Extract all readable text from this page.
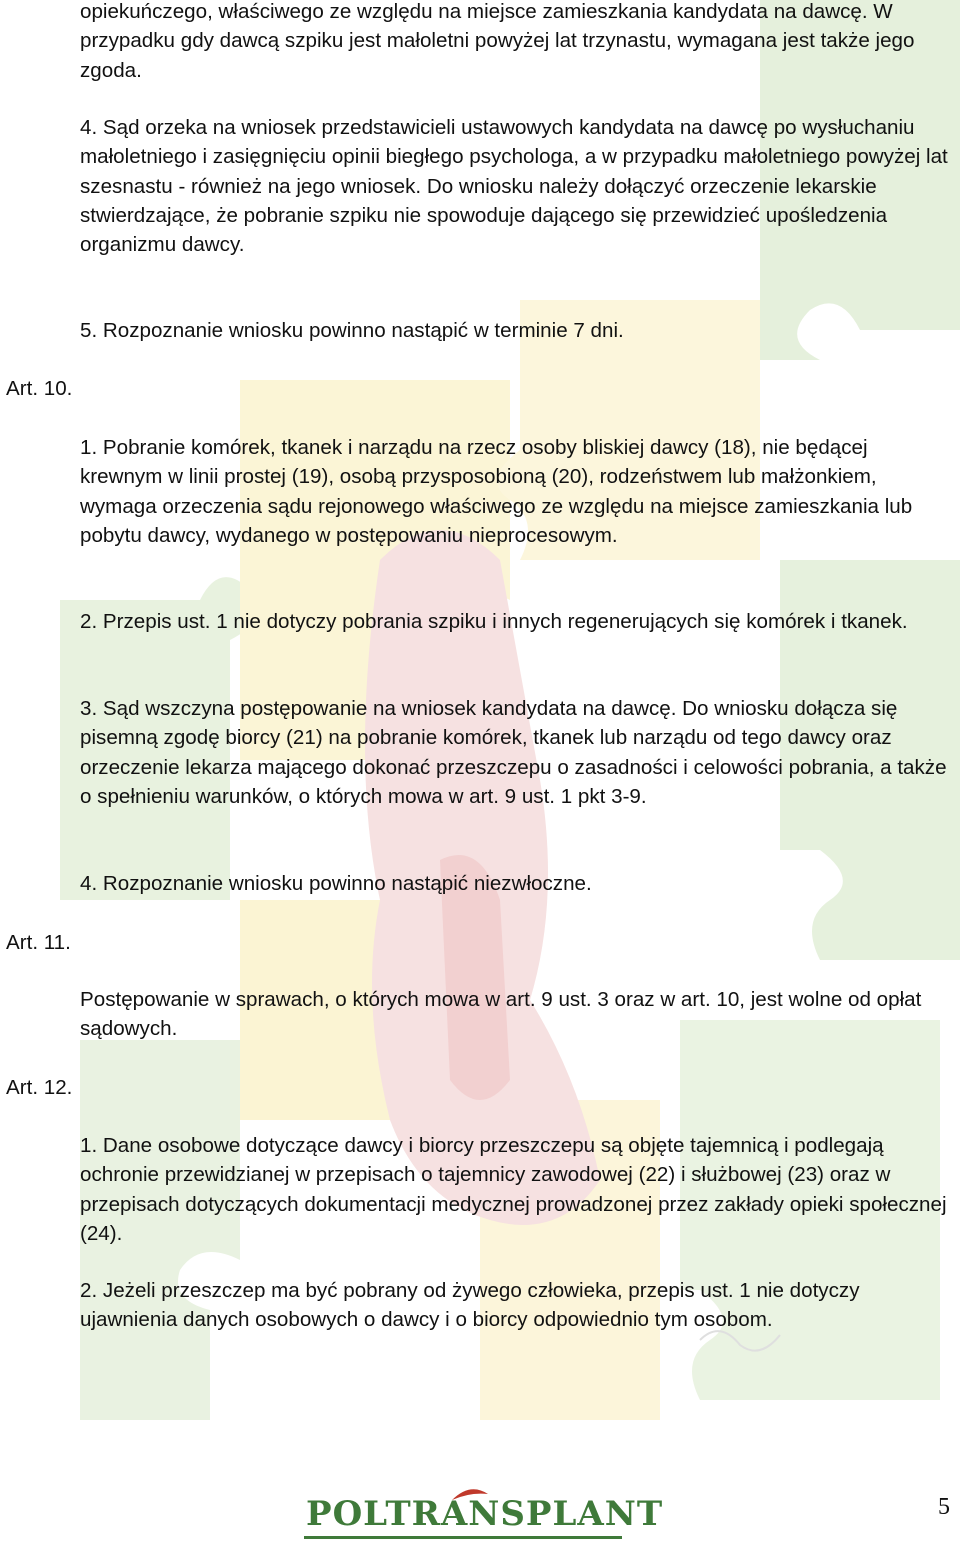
opiekuńczego, właściwego ze względu na miejsce zamieszkania kandydata na dawcę. W przypadku gdy dawcą szpiku jest małoletni powyżej lat trzynastu, wymagana jest także jego zgoda.

4. Sąd orzeka na wniosek przedstawicieli ustawowych kandydata na dawcę po wysłuchaniu małoletniego i zasięgnięciu opinii biegłego psychologa, a w przypadku małoletniego powyżej lat szesnastu - również na jego wniosek. Do wniosku należy dołączyć orzeczenie lekarskie stwierdzające, że pobranie szpiku nie spowoduje dającego się przewidzieć upośledzenia organizmu dawcy.

5. Rozpoznanie wniosku powinno nastąpić w terminie 7 dni.

Art. 10.

1. Pobranie komórek, tkanek i narządu na rzecz osoby bliskiej dawcy (18), nie będącej krewnym w linii prostej (19), osobą przysposobioną (20), rodzeństwem lub małżonkiem, wymaga orzeczenia sądu rejonowego właściwego ze względu na miejsce zamieszkania lub pobytu dawcy, wydanego w postępowaniu nieprocesowym.

2. Przepis ust. 1 nie dotyczy pobrania szpiku i innych regenerujących się komórek i tkanek.

3. Sąd wszczyna postępowanie na wniosek kandydata na dawcę. Do wniosku dołącza się pisemną zgodę biorcy (21) na pobranie komórek, tkanek lub narządu od tego dawcy oraz orzeczenie lekarza mającego dokonać przeszczepu o zasadności i celowości pobrania, a także o spełnieniu warunków, o których mowa w art. 9 ust. 1 pkt 3-9.

4. Rozpoznanie wniosku powinno nastąpić niezwłoczne.

Art. 11.

Postępowanie w sprawach, o których mowa w art. 9 ust. 3 oraz w art. 10, jest wolne od opłat sądowych.

Art. 12.

1. Dane osobowe dotyczące dawcy i biorcy przeszczepu są objęte tajemnicą i podlegają ochronie przewidzianej w przepisach o tajemnicy zawodowej (22) i służbowej (23) oraz w przepisach dotyczących dokumentacji medycznej prowadzonej przez zakłady opieki społecznej (24).

2. Jeżeli przeszczep ma być pobrany od żywego człowieka, przepis ust. 1 nie dotyczy ujawnienia danych osobowych o dawcy i o biorcy odpowiednio tym osobom.

POLTRANSPLANT	5
